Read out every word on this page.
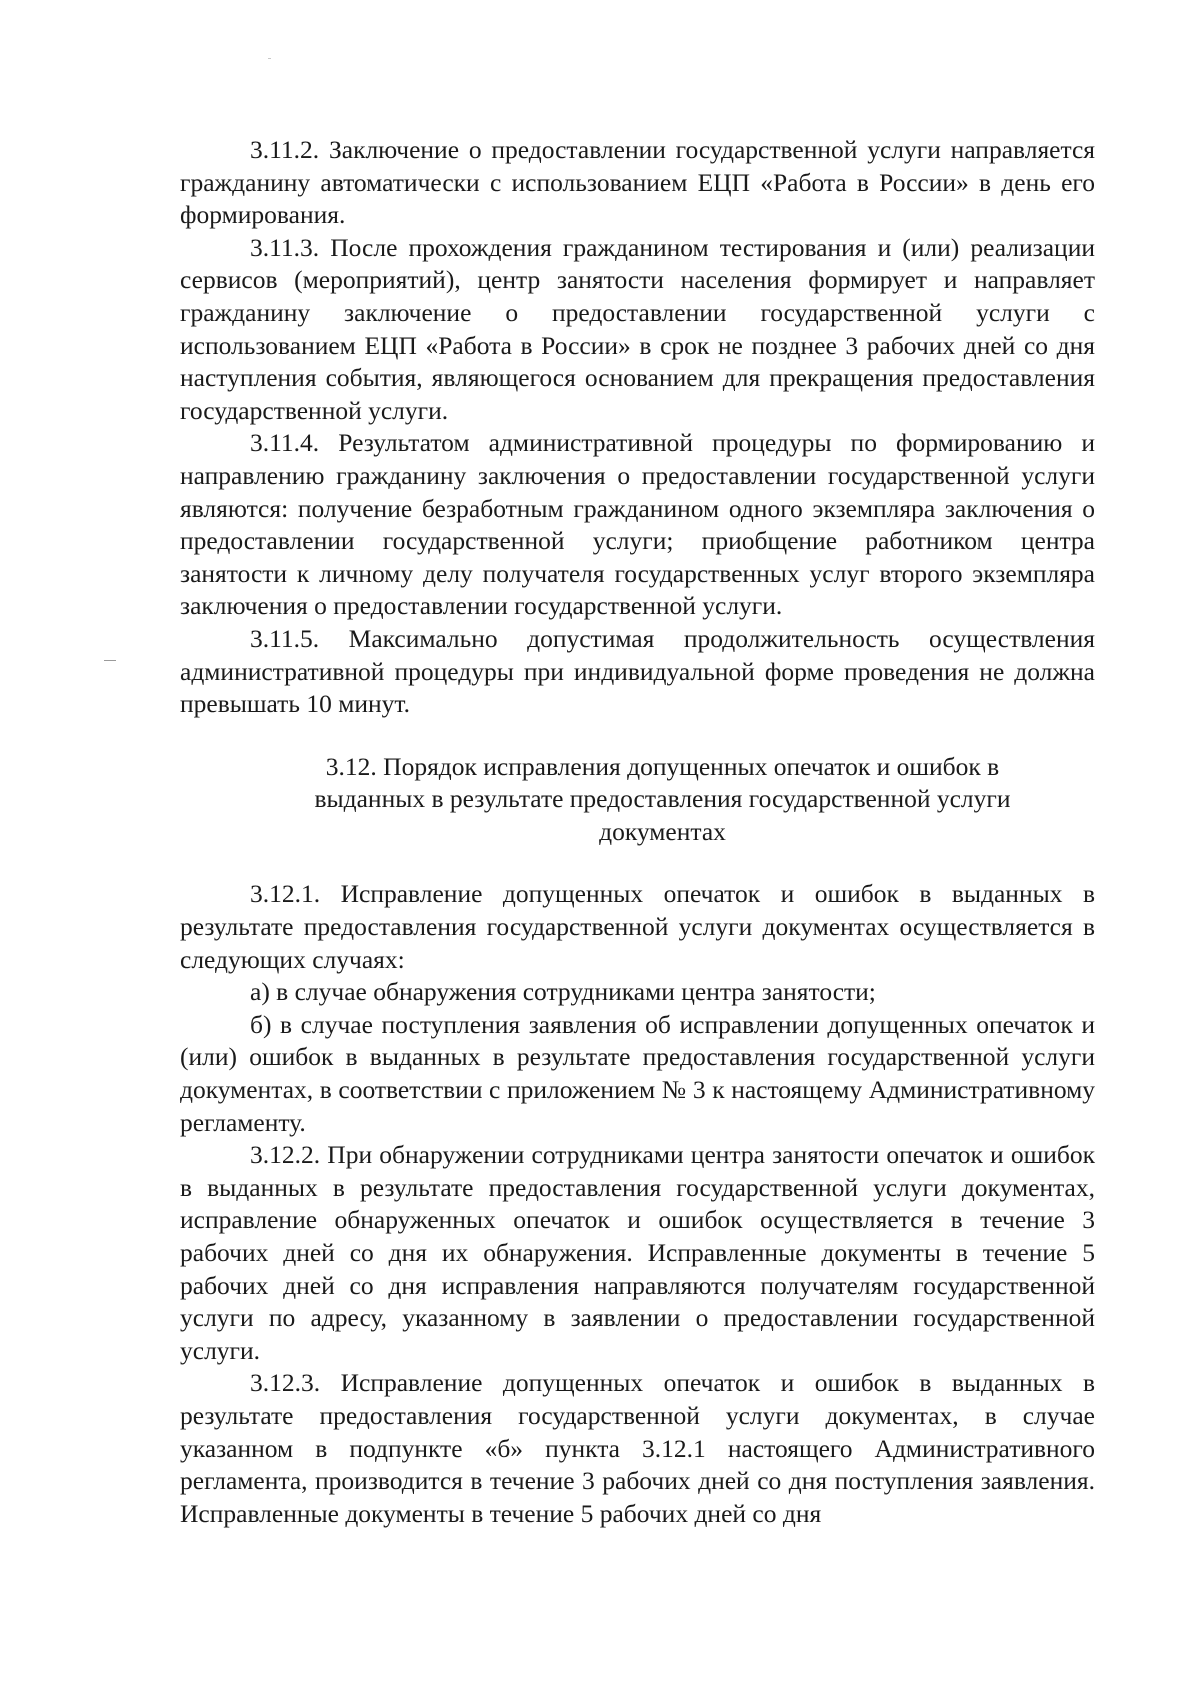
3.11.2. Заключение о предоставлении государственной услуги направляется гражданину автоматически с использованием ЕЦП «Работа в России» в день его формирования.

3.11.3. После прохождения гражданином тестирования и (или) реализации сервисов (мероприятий), центр занятости населения формирует и направляет гражданину заключение о предоставлении государственной услуги с использованием ЕЦП «Работа в России» в срок не позднее 3 рабочих дней со дня наступления события, являющегося основанием для прекращения предоставления государственной услуги.

3.11.4. Результатом административной процедуры по формированию и направлению гражданину заключения о предоставлении государственной услуги являются: получение безработным гражданином одного экземпляра заключения о предоставлении государственной услуги; приобщение работником центра занятости к личному делу получателя государственных услуг второго экземпляра заключения о предоставлении государственной услуги.

3.11.5. Максимально допустимая продолжительность осуществления административной процедуры при индивидуальной форме проведения не должна превышать 10 минут.

3.12. Порядок исправления допущенных опечаток и ошибок в выданных в результате предоставления государственной услуги документах

3.12.1. Исправление допущенных опечаток и ошибок в выданных в результате предоставления государственной услуги документах осуществляется в следующих случаях:

а) в случае обнаружения сотрудниками центра занятости;

б) в случае поступления заявления об исправлении допущенных опечаток и (или) ошибок в выданных в результате предоставления государственной услуги документах, в соответствии с приложением № 3 к настоящему Административному регламенту.

3.12.2. При обнаружении сотрудниками центра занятости опечаток и ошибок в выданных в результате предоставления государственной услуги документах, исправление обнаруженных опечаток и ошибок осуществляется в течение 3 рабочих дней со дня их обнаружения. Исправленные документы в течение 5 рабочих дней со дня исправления направляются получателям государственной услуги по адресу, указанному в заявлении о предоставлении государственной услуги.

3.12.3. Исправление допущенных опечаток и ошибок в выданных в результате предоставления государственной услуги документах, в случае указанном в подпункте «б» пункта 3.12.1 настоящего Административного регламента, производится в течение 3 рабочих дней со дня поступления заявления. Исправленные документы в течение 5 рабочих дней со дня
